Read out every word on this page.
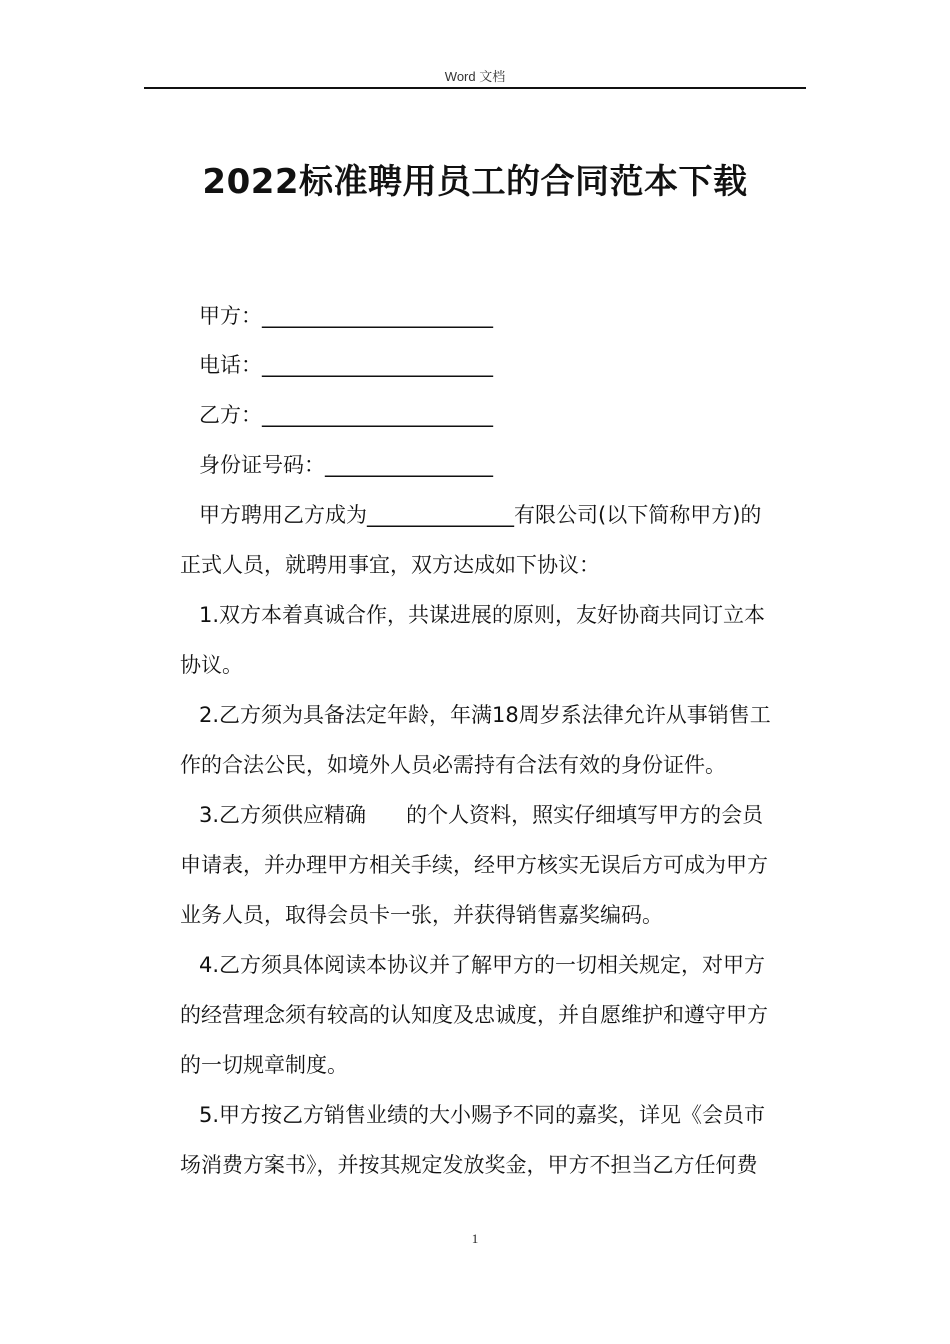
Word 文档
2022标准聘用员工的合同范本下载
甲方：______________________
电话：______________________
乙方：______________________
身份证号码：________________
甲方聘用乙方成为______________有限公司(以下简称甲方)的
正式人员，就聘用事宜，双方达成如下协议：
1.双方本着真诚合作，共谋进展的原则，友好协商共同订立本
协议。
2.乙方须为具备法定年龄，年满18周岁系法律允许从事销售工
作的合法公民，如境外人员必需持有合法有效的身份证件。
3.乙方须供应精确      的个人资料，照实仔细填写甲方的会员
申请表，并办理甲方相关手续，经甲方核实无误后方可成为甲方
业务人员，取得会员卡一张，并获得销售嘉奖编码。
4.乙方须具体阅读本协议并了解甲方的一切相关规定，对甲方
的经营理念须有较高的认知度及忠诚度，并自愿维护和遵守甲方
的一切规章制度。
5.甲方按乙方销售业绩的大小赐予不同的嘉奖，详见《会员市
场消费方案书》，并按其规定发放奖金，甲方不担当乙方任何费
1
